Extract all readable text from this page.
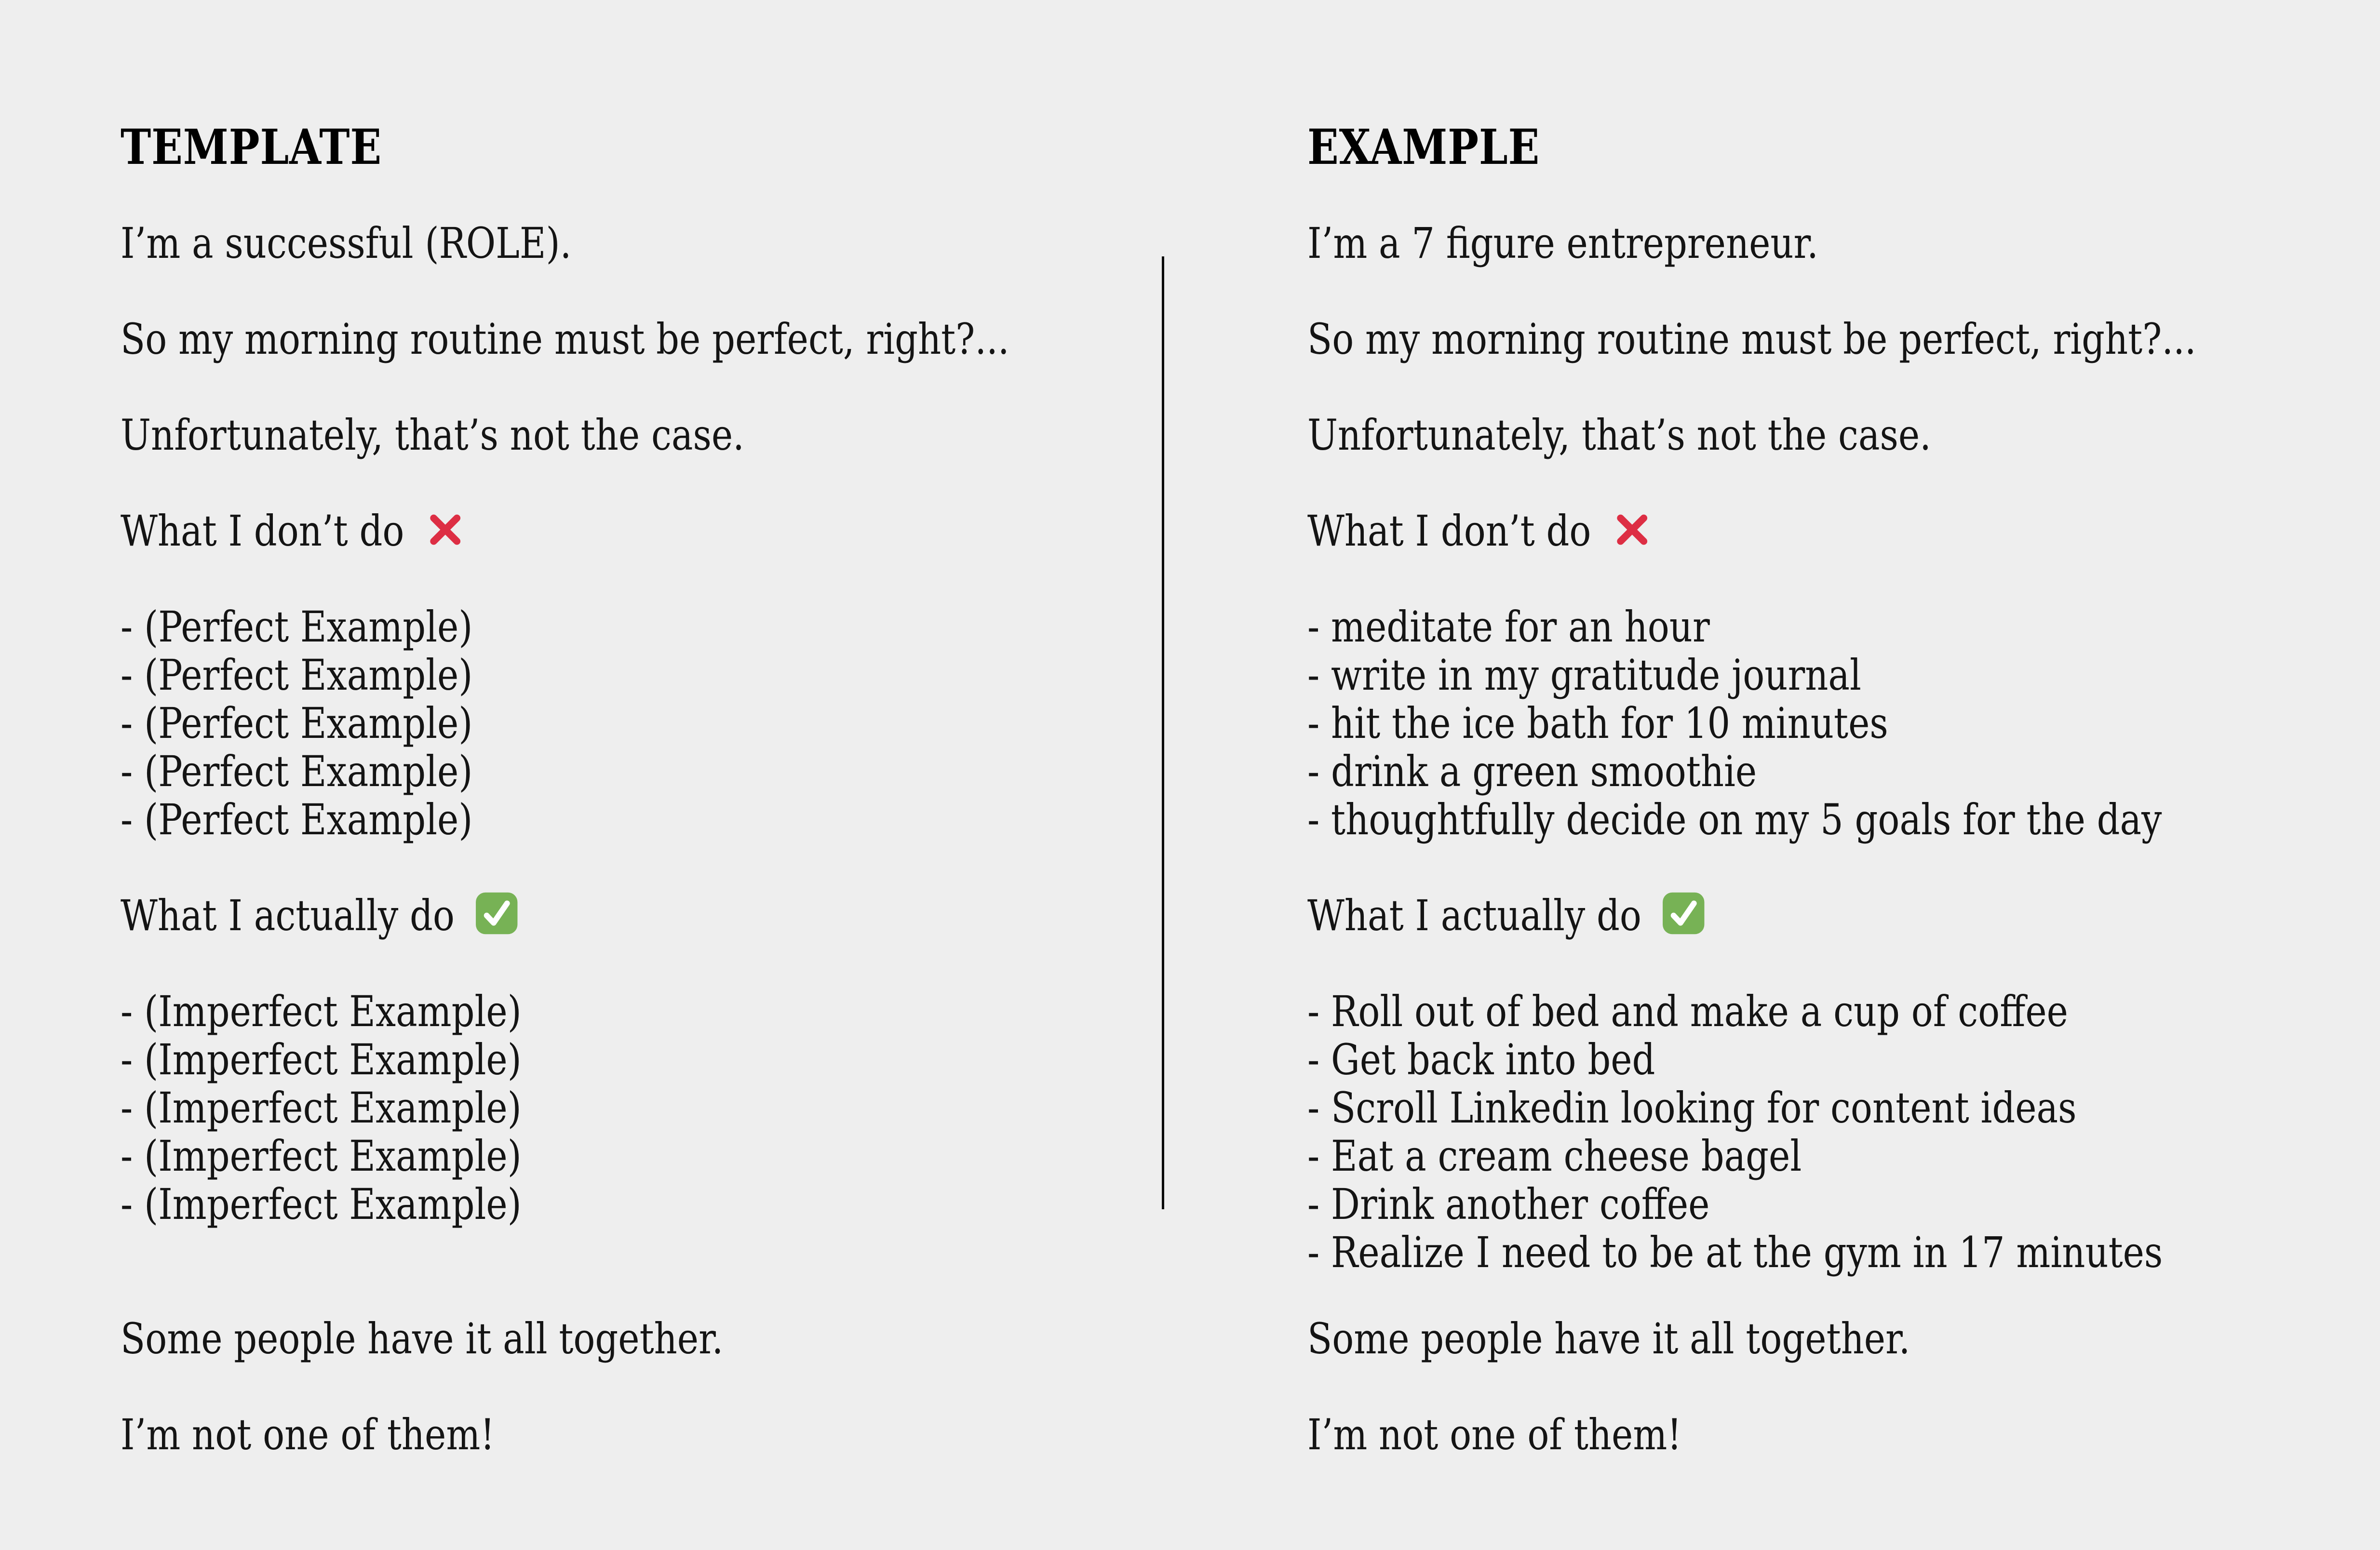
TEMPLATE

I’m a successful (ROLE).

So my morning routine must be perfect, right?...

Unfortunately, that’s not the case.

What I don’t do

- (Perfect Example)

- (Perfect Example)

- (Perfect Example)

- (Perfect Example)

- (Perfect Example)

What I actually do

- (Imperfect Example)

- (Imperfect Example)

- (Imperfect Example)

- (Imperfect Example)

- (Imperfect Example)

Some people have it all together.

I’m not one of them!

EXAMPLE

I’m a 7 figure entrepreneur.

So my morning routine must be perfect, right?...

Unfortunately, that’s not the case.

What I don’t do

- meditate for an hour

- write in my gratitude journal

- hit the ice bath for 10 minutes

- drink a green smoothie

- thoughtfully decide on my 5 goals for the day

What I actually do

- Roll out of bed and make a cup of coffee

- Get back into bed

- Scroll Linkedin looking for content ideas

- Eat a cream cheese bagel

- Drink another coffee

- Realize I need to be at the gym in 17 minutes

Some people have it all together.

I’m not one of them!
